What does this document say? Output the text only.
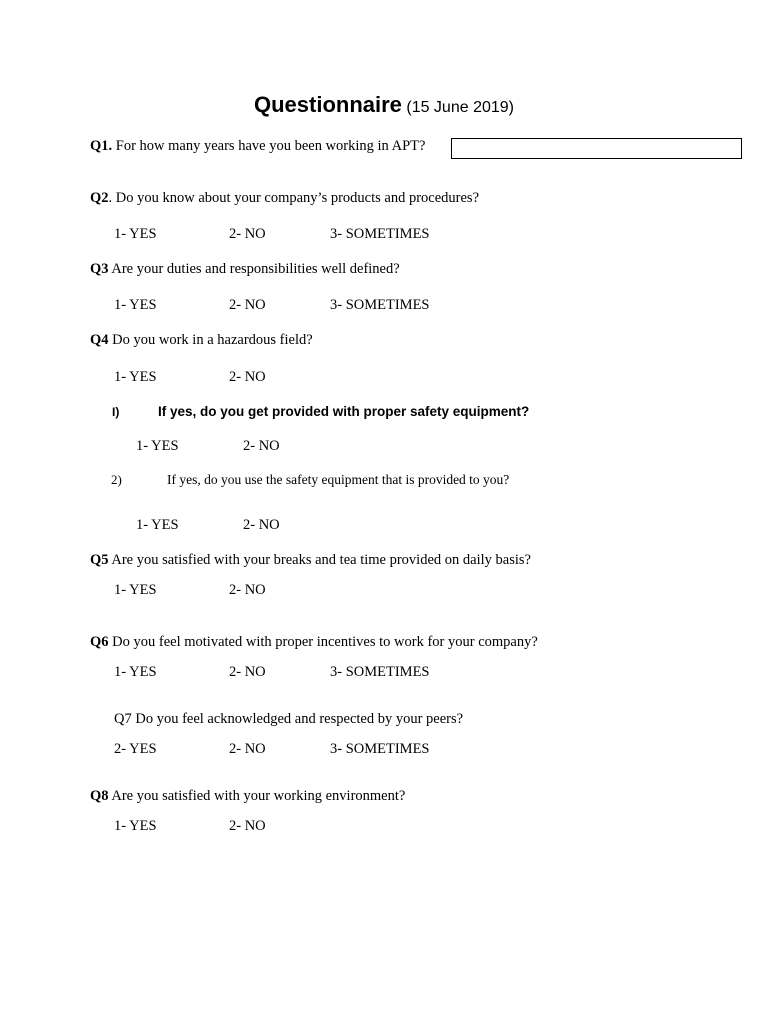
Questionnaire (15 June 2019)
Q1. For how many years have you been working in APT?
Q2. Do you know about your company’s products and procedures?
1- YES	2- NO	3- SOMETIMES
Q3 Are your duties and responsibilities well defined?
1- YES	2- NO	3- SOMETIMES
Q4 Do you work in a hazardous field?
1- YES	2- NO
I)	If yes, do you get provided with proper safety equipment?
1- YES	2- NO
2)	If yes, do you use the safety equipment that is provided to you?
1- YES	2- NO
Q5 Are you satisfied with your breaks and tea time provided on daily basis?
1- YES	2- NO
Q6 Do you feel motivated with proper incentives to work for your company?
1- YES	2- NO	3- SOMETIMES
Q7 Do you feel acknowledged and respected by your peers?
2- YES	2- NO	3- SOMETIMES
Q8 Are you satisfied with your working environment?
1- YES	2- NO
